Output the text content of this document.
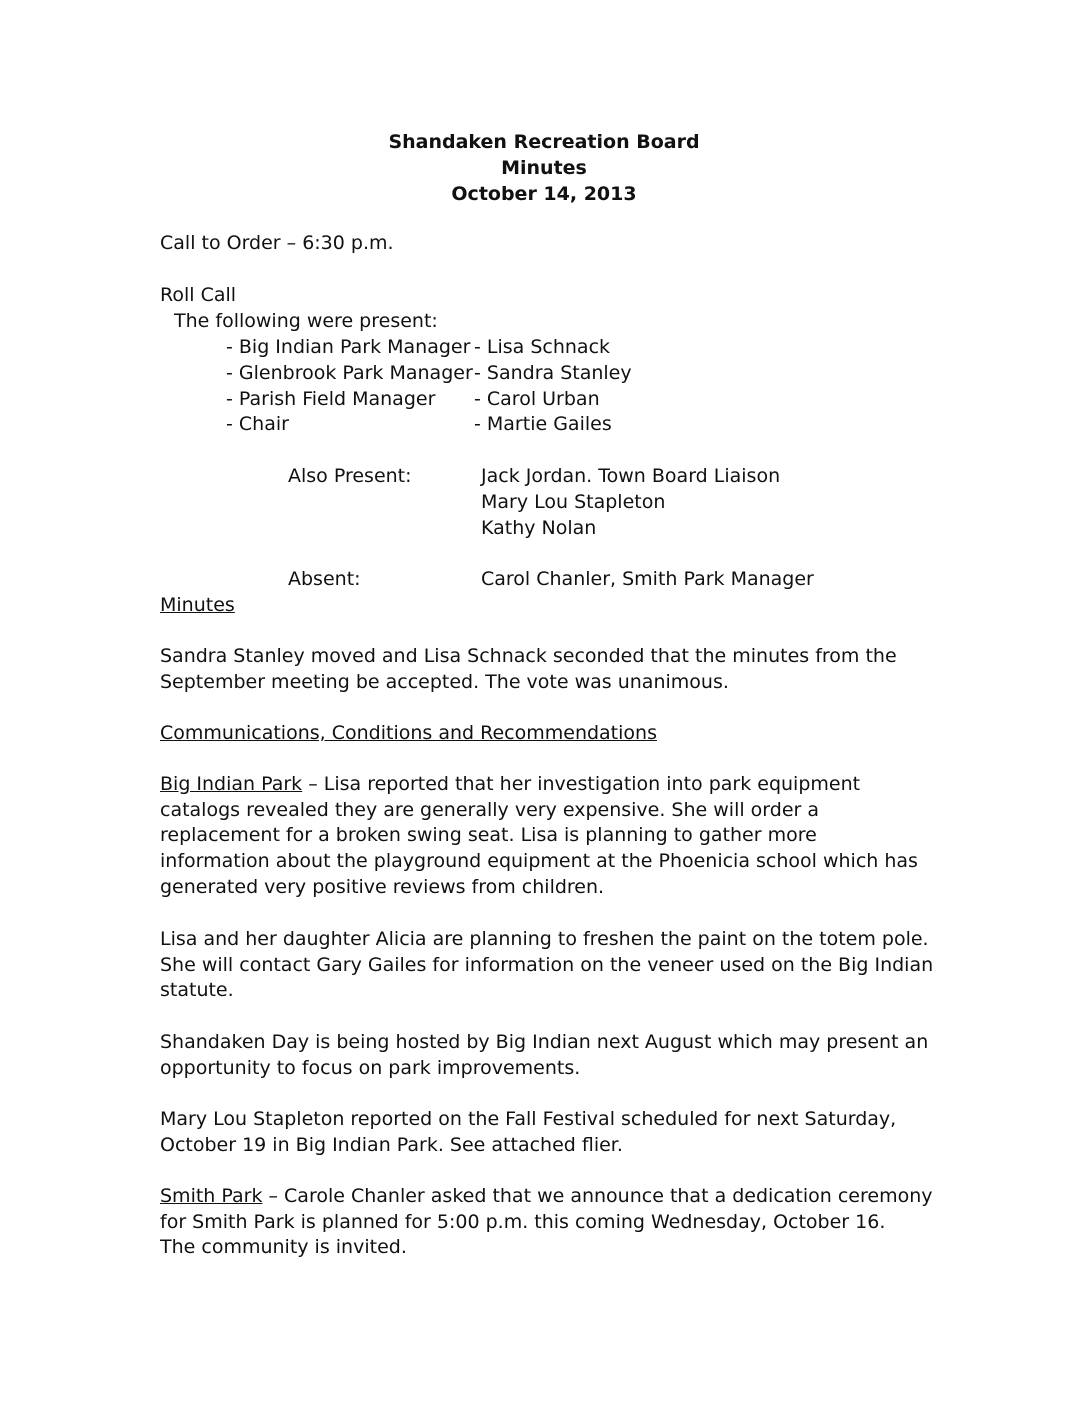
Shandaken Recreation Board
Minutes
October 14, 2013
Call to Order – 6:30 p.m.
Roll Call
The following were present:
- Big Indian Park Manager - Lisa Schnack
- Glenbrook Park Manager - Sandra Stanley
- Parish Field Manager - Carol Urban
- Chair	- Martie Gailes
Also Present:	Jack Jordan. Town Board Liaison
Mary Lou Stapleton
Kathy Nolan
Absent:	Carol Chanler, Smith Park Manager
Minutes
Sandra Stanley moved and Lisa Schnack seconded that the minutes from the
September meeting be accepted. The vote was unanimous.
Communications, Conditions and Recommendations
Big Indian Park – Lisa reported that her investigation into park equipment
catalogs revealed they are generally very expensive. She will order a
replacement for a broken swing seat. Lisa is planning to gather more
information about the playground equipment at the Phoenicia school which has
generated very positive reviews from children.
Lisa and her daughter Alicia are planning to freshen the paint on the totem pole.
She will contact Gary Gailes for information on the veneer used on the Big Indian
statute.
Shandaken Day is being hosted by Big Indian next August which may present an
opportunity to focus on park improvements.
Mary Lou Stapleton reported on the Fall Festival scheduled for next Saturday,
October 19 in Big Indian Park. See attached flier.
Smith Park – Carole Chanler asked that we announce that a dedication ceremony
for Smith Park is planned for 5:00 p.m. this coming Wednesday, October 16.
The community is invited.
